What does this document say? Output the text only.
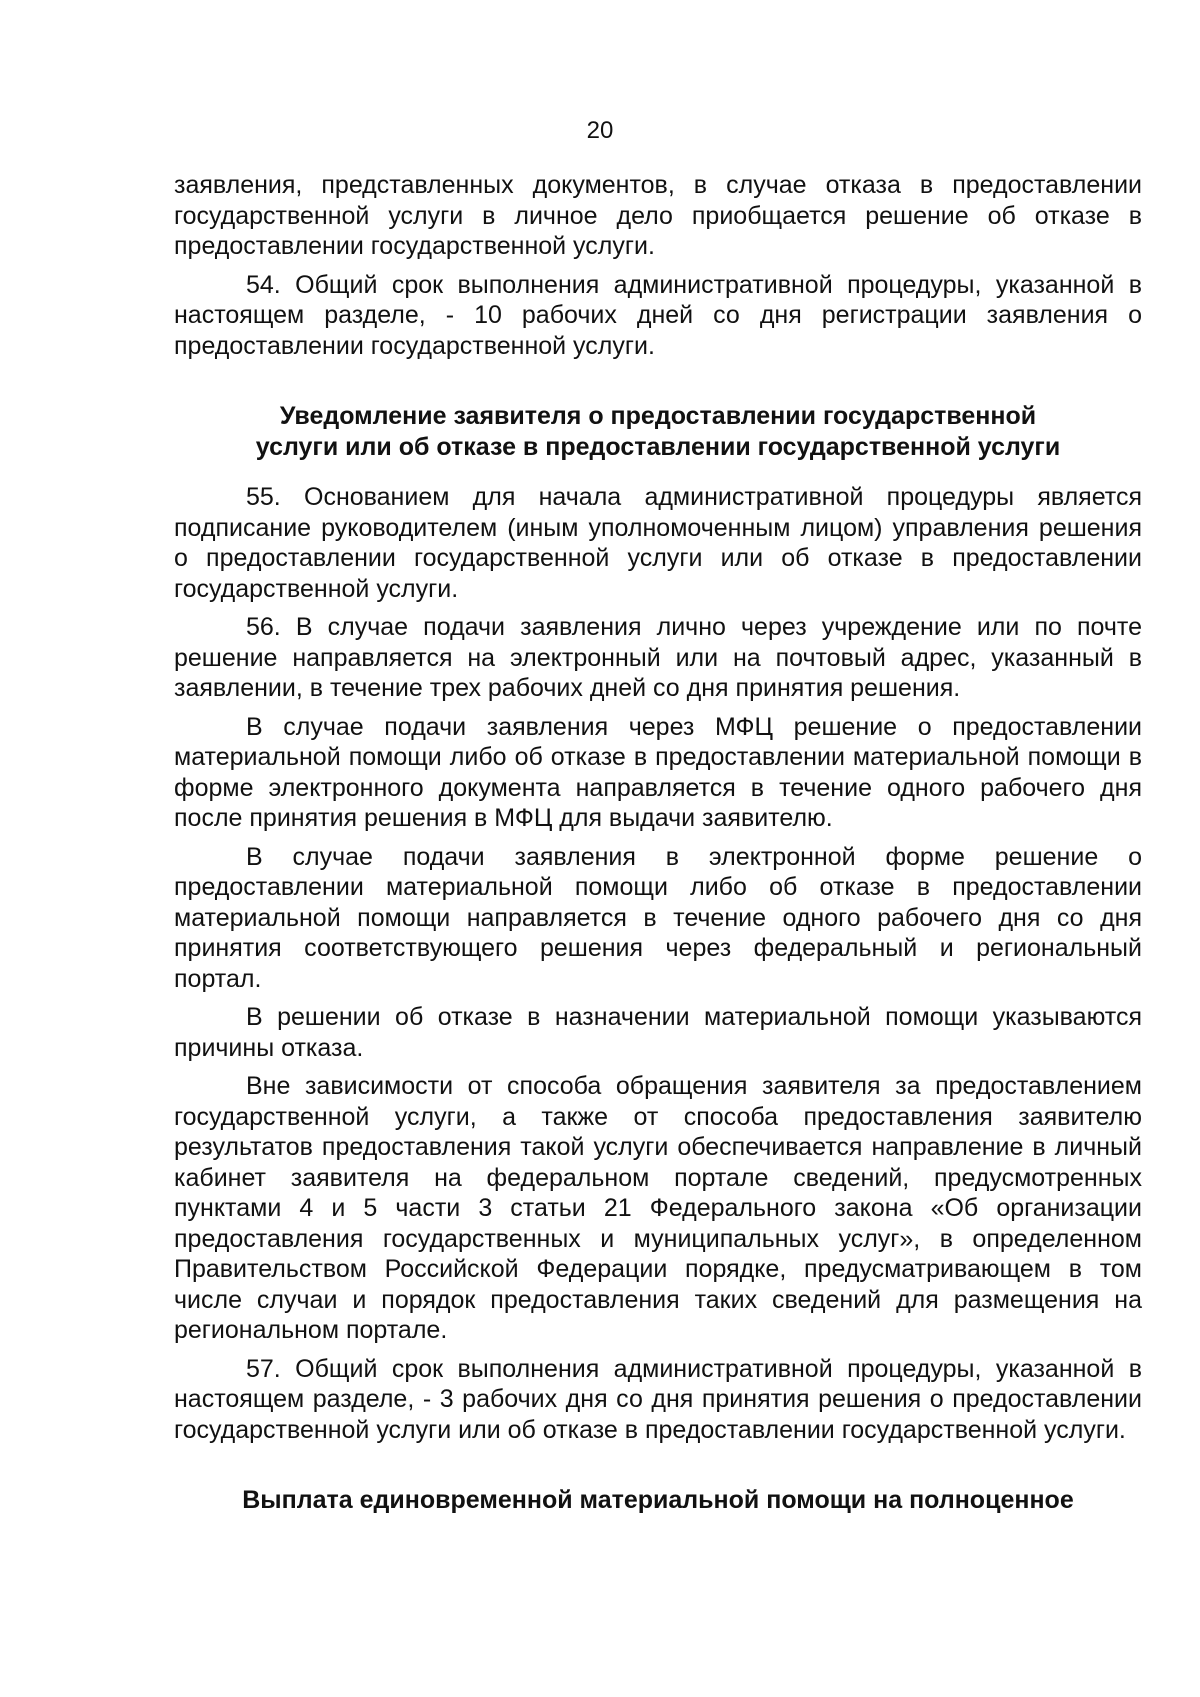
20

заявления, представленных документов, в случае отказа в предоставлении государственной услуги в личное дело приобщается решение об отказе в предоставлении государственной услуги.

54. Общий срок выполнения административной процедуры, указанной в настоящем разделе, - 10 рабочих дней со дня регистрации заявления о предоставлении государственной услуги.

Уведомление заявителя о предоставлении государственной
услуги или об отказе в предоставлении государственной услуги

55. Основанием для начала административной процедуры является подписание руководителем (иным уполномоченным лицом) управления решения о предоставлении государственной услуги или об отказе в предоставлении государственной услуги.

56. В случае подачи заявления лично через учреждение или по почте решение направляется на электронный или на почтовый адрес, указанный в заявлении, в течение трех рабочих дней со дня принятия решения.

В случае подачи заявления через МФЦ решение о предоставлении материальной помощи либо об отказе в предоставлении материальной помощи в форме электронного документа направляется в течение одного рабочего дня после принятия решения в МФЦ для выдачи заявителю.

В случае подачи заявления в электронной форме решение о предоставлении материальной помощи либо об отказе в предоставлении материальной помощи направляется в течение одного рабочего дня со дня принятия соответствующего решения через федеральный и региональный портал.

В решении об отказе в назначении материальной помощи указываются причины отказа.

Вне зависимости от способа обращения заявителя за предоставлением государственной услуги, а также от способа предоставления заявителю результатов предоставления такой услуги обеспечивается направление в личный кабинет заявителя на федеральном портале сведений, предусмотренных пунктами 4 и 5 части 3 статьи 21 Федерального закона «Об организации предоставления государственных и муниципальных услуг», в определенном Правительством Российской Федерации порядке, предусматривающем в том числе случаи и порядок предоставления таких сведений для размещения на региональном портале.

57. Общий срок выполнения административной процедуры, указанной в настоящем разделе, - 3 рабочих дня со дня принятия решения о предоставлении государственной услуги или об отказе в предоставлении государственной услуги.

Выплата единовременной материальной помощи на полноценное
